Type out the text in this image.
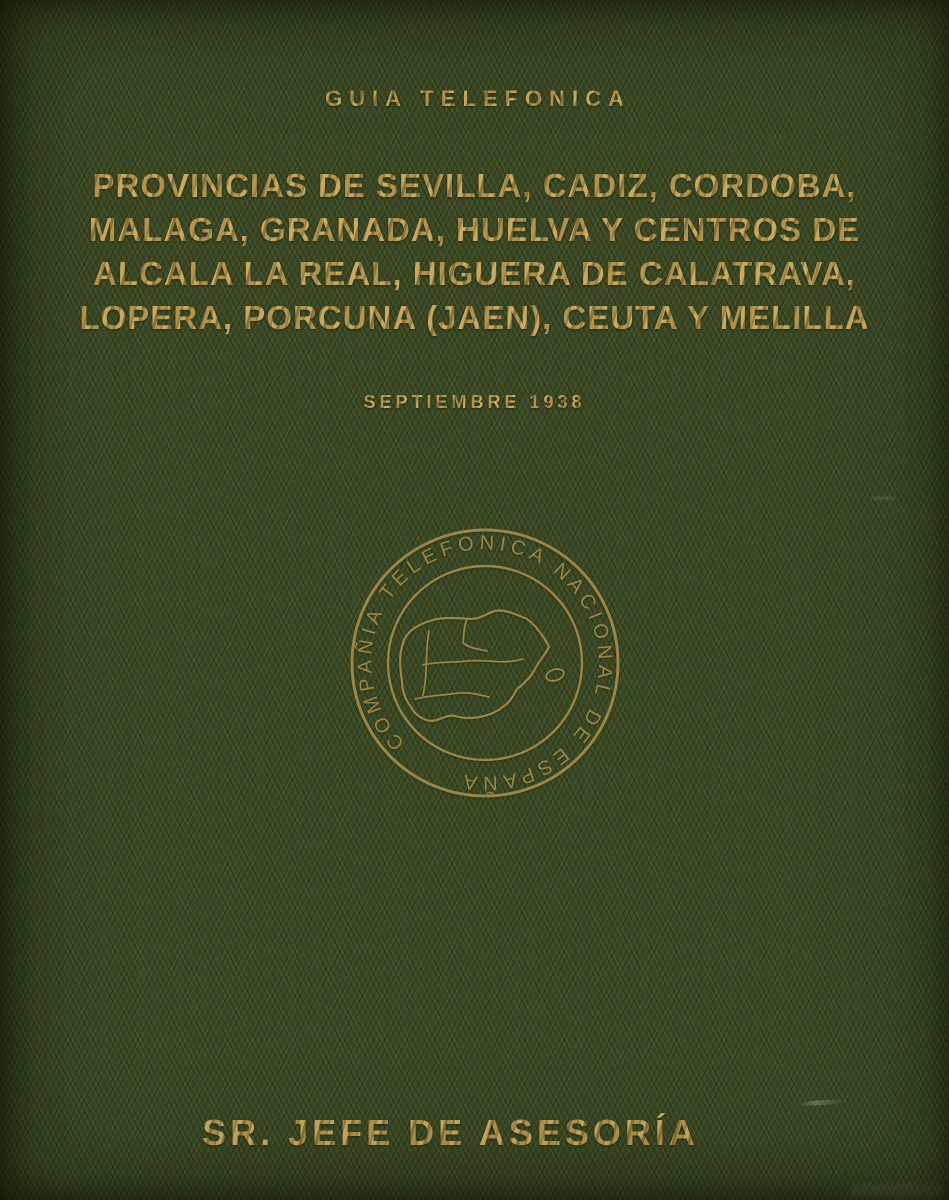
GUIA TELEFONICA
PROVINCIAS DE SEVILLA, CADIZ, CORDOBA,
MALAGA, GRANADA, HUELVA Y CENTROS DE
ALCALA LA REAL, HIGUERA DE CALATRAVA,
LOPERA, PORCUNA (JAEN), CEUTA Y MELILLA
SEPTIEMBRE 1938
COMPAÑIA TELEFONICA NACIONAL DE ESPAÑA
SR. JEFE DE ASESORÍA
